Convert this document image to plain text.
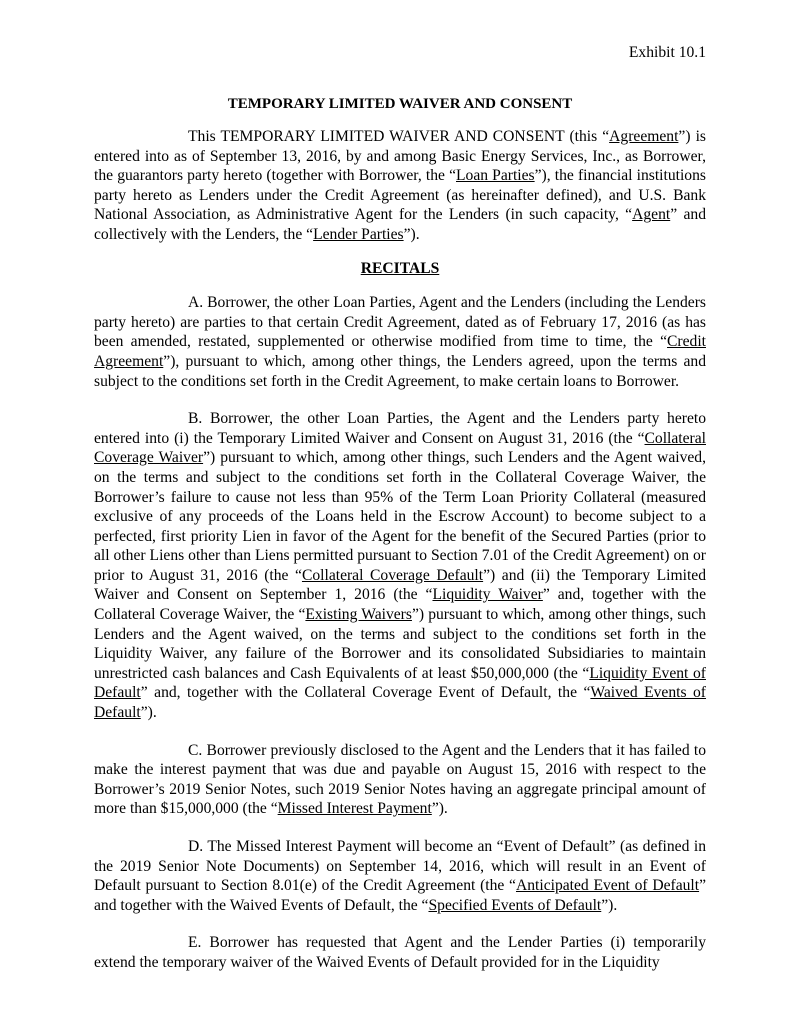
Exhibit 10.1
TEMPORARY LIMITED WAIVER AND CONSENT

This TEMPORARY LIMITED WAIVER AND CONSENT (this “Agreement”) is entered into as of September 13, 2016, by and among Basic Energy Services, Inc., as Borrower, the guarantors party hereto (together with Borrower, the “Loan Parties”), the financial institutions party hereto as Lenders under the Credit Agreement (as hereinafter defined), and U.S. Bank National Association, as Administrative Agent for the Lenders (in such capacity, “Agent” and collectively with the Lenders, the “Lender Parties”).

RECITALS

A. Borrower, the other Loan Parties, Agent and the Lenders (including the Lenders party hereto) are parties to that certain Credit Agreement, dated as of February 17, 2016 (as has been amended, restated, supplemented or otherwise modified from time to time, the “Credit Agreement”), pursuant to which, among other things, the Lenders agreed, upon the terms and subject to the conditions set forth in the Credit Agreement, to make certain loans to Borrower.

B. Borrower, the other Loan Parties, the Agent and the Lenders party hereto entered into (i) the Temporary Limited Waiver and Consent on August 31, 2016 (the “Collateral Coverage Waiver”) pursuant to which, among other things, such Lenders and the Agent waived, on the terms and subject to the conditions set forth in the Collateral Coverage Waiver, the Borrower’s failure to cause not less than 95% of the Term Loan Priority Collateral (measured exclusive of any proceeds of the Loans held in the Escrow Account) to become subject to a perfected, first priority Lien in favor of the Agent for the benefit of the Secured Parties (prior to all other Liens other than Liens permitted pursuant to Section 7.01 of the Credit Agreement) on or prior to August 31, 2016 (the “Collateral Coverage Default”) and (ii) the Temporary Limited Waiver and Consent on September 1, 2016 (the “Liquidity Waiver” and, together with the Collateral Coverage Waiver, the “Existing Waivers”) pursuant to which, among other things, such Lenders and the Agent waived, on the terms and subject to the conditions set forth in the Liquidity Waiver, any failure of the Borrower and its consolidated Subsidiaries to maintain unrestricted cash balances and Cash Equivalents of at least $50,000,000 (the “Liquidity Event of Default” and, together with the Collateral Coverage Event of Default, the “Waived Events of Default”).

C. Borrower previously disclosed to the Agent and the Lenders that it has failed to make the interest payment that was due and payable on August 15, 2016 with respect to the Borrower’s 2019 Senior Notes, such 2019 Senior Notes having an aggregate principal amount of more than $15,000,000 (the “Missed Interest Payment”).

D. The Missed Interest Payment will become an “Event of Default” (as defined in the 2019 Senior Note Documents) on September 14, 2016, which will result in an Event of Default pursuant to Section 8.01(e) of the Credit Agreement (the “Anticipated Event of Default” and together with the Waived Events of Default, the “Specified Events of Default”).

E. Borrower has requested that Agent and the Lender Parties (i) temporarily extend the temporary waiver of the Waived Events of Default provided for in the Liquidity
